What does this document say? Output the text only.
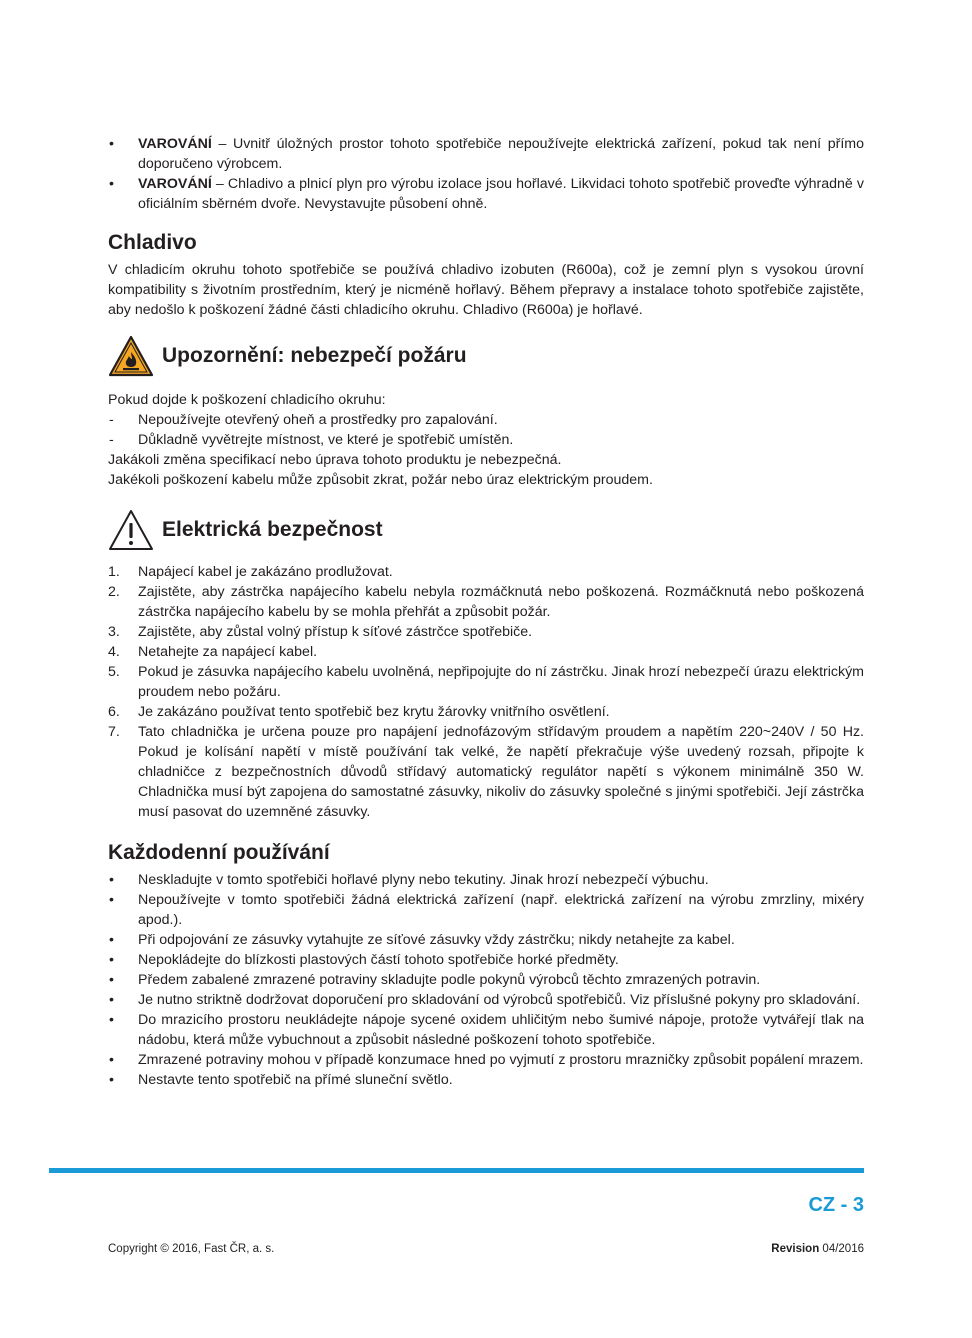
• VAROVÁNÍ – Uvnitř úložných prostor tohoto spotřebiče nepoužívejte elektrická zařízení, pokud tak není přímo doporučeno výrobcem.
• VAROVÁNÍ – Chladivo a plnicí plyn pro výrobu izolace jsou hořlavé. Likvidaci tohoto spotřebič proveďte výhradně v oficiálním sběrném dvoře. Nevystavujte působení ohně.
Chladivo

V chladicím okruhu tohoto spotřebiče se používá chladivo izobuten (R600a), což je zemní plyn s vysokou úrovní kompatibility s životním prostředním, který je nicméně hořlavý. Během přepravy a instalace tohoto spotřebiče zajistěte, aby nedošlo k poškození žádné části chladicího okruhu. Chladivo (R600a) je hořlavé.

Upozornění: nebezpečí požáru

Pokud dojde k poškození chladicího okruhu:

- Nepoužívejte otevřený oheň a prostředky pro zapalování.
- Důkladně vyvětrejte místnost, ve které je spotřebič umístěn.

Jakákoli změna specifikací nebo úprava tohoto produktu je nebezpečná.

Jakékoli poškození kabelu může způsobit zkrat, požár nebo úraz elektrickým proudem.

Elektrická bezpečnost
1. Napájecí kabel je zakázáno prodlužovat.
2. Zajistěte, aby zástrčka napájecího kabelu nebyla rozmáčknutá nebo poškozená. Rozmáčknutá nebo poškozená zástrčka napájecího kabelu by se mohla přehřát a způsobit požár.
3. Zajistěte, aby zůstal volný přístup k síťové zástrčce spotřebiče.
4. Netahejte za napájecí kabel.
5. Pokud je zásuvka napájecího kabelu uvolněná, nepřipojujte do ní zástrčku. Jinak hrozí nebezpečí úrazu elektrickým proudem nebo požáru.
6. Je zakázáno používat tento spotřebič bez krytu žárovky vnitřního osvětlení.
7. Tato chladnička je určena pouze pro napájení jednofázovým střídavým proudem a napětím 220~240V / 50 Hz. Pokud je kolísání napětí v místě používání tak velké, že napětí překračuje výše uvedený rozsah, připojte k chladničce z bezpečnostních důvodů střídavý automatický regulátor napětí s výkonem minimálně 350 W. Chladnička musí být zapojena do samostatné zásuvky, nikoliv do zásuvky společné s jinými spotřebiči. Její zástrčka musí pasovat do uzemněné zásuvky.
Každodenní používání
• Neskladujte v tomto spotřebiči hořlavé plyny nebo tekutiny. Jinak hrozí nebezpečí výbuchu.
• Nepoužívejte v tomto spotřebiči žádná elektrická zařízení (např. elektrická zařízení na výrobu zmrzliny, mixéry apod.).
• Při odpojování ze zásuvky vytahujte ze síťové zásuvky vždy zástrčku; nikdy netahejte za kabel.
• Nepokládejte do blízkosti plastových částí tohoto spotřebiče horké předměty.
• Předem zabalené zmrazené potraviny skladujte podle pokynů výrobců těchto zmrazených potravin.
• Je nutno striktně dodržovat doporučení pro skladování od výrobců spotřebičů. Viz příslušné pokyny pro skladování.
• Do mrazicího prostoru neukládejte nápoje sycené oxidem uhličitým nebo šumivé nápoje, protože vytvářejí tlak na nádobu, která může vybuchnout a způsobit následné poškození tohoto spotřebiče.
• Zmrazené potraviny mohou v případě konzumace hned po vyjmutí z prostoru mrazničky způsobit popálení mrazem.
• Nestavte tento spotřebič na přímé sluneční světlo.
CZ - 3
Copyright © 2016, Fast ČR, a. s.	Revision 04/2016
